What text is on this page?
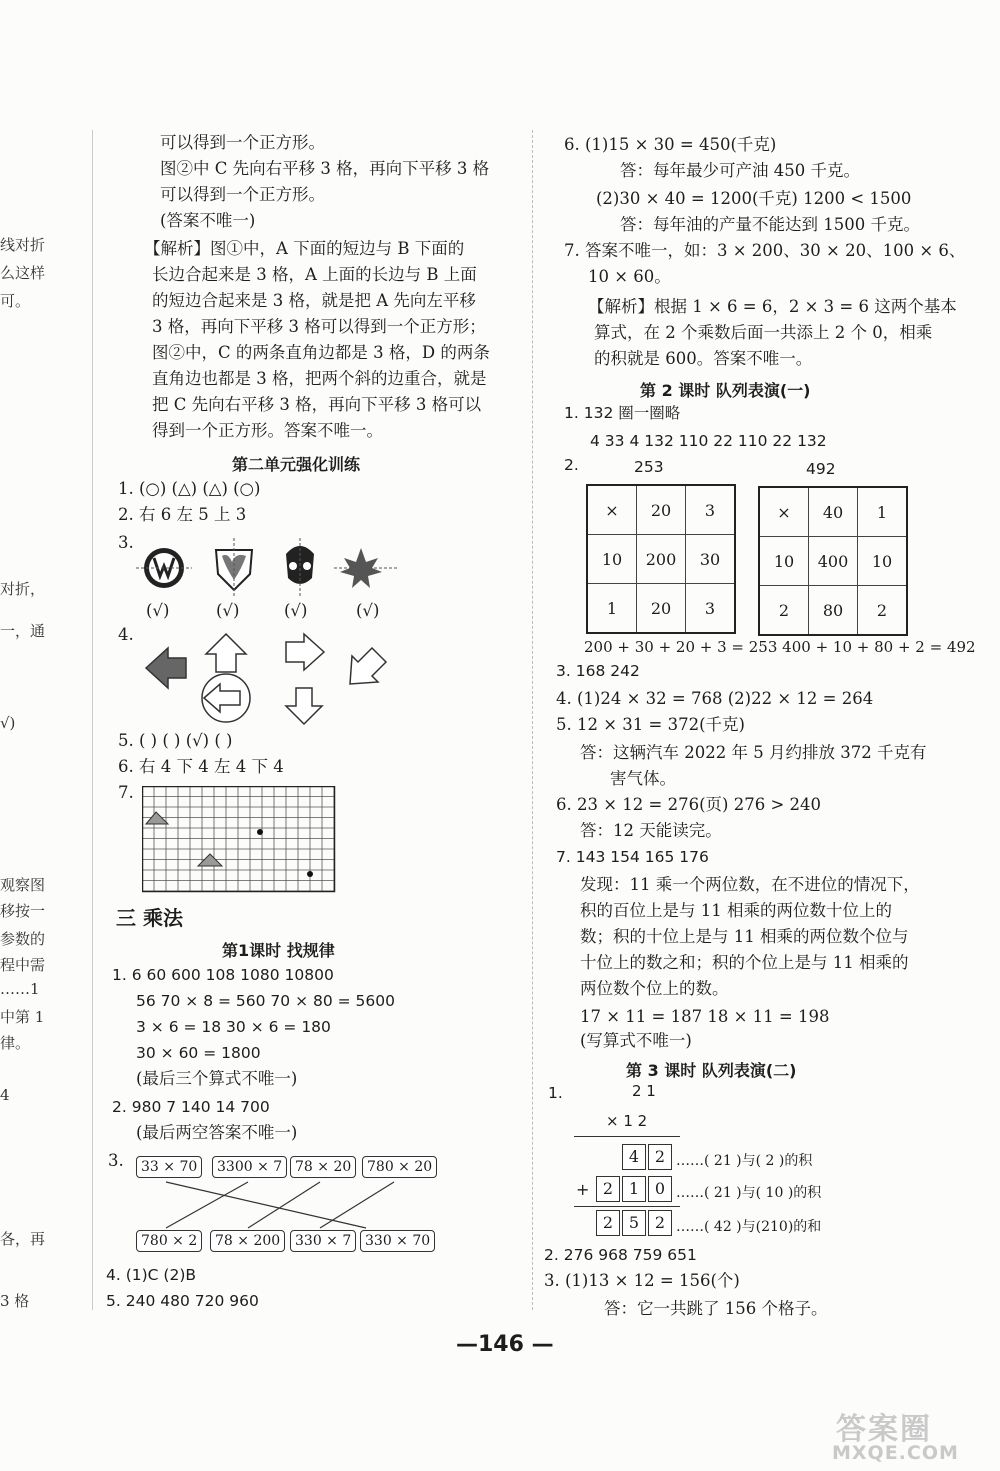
线对折
么这样
可。
对折，
一，通
√)
观察图
移按一
参数的
程中需
……1
中第 1
律。
4
各，再
3 格
可以得到一个正方形。
图②中 C 先向右平移 3 格，再向下平移 3 格
可以得到一个正方形。
(答案不唯一)
【解析】图①中，A 下面的短边与 B 下面的
长边合起来是 3 格，A 上面的长边与 B 上面
的短边合起来是 3 格，就是把 A 先向左平移
3 格，再向下平移 3 格可以得到一个正方形；
图②中，C 的两条直角边都是 3 格，D 的两条
直角边也都是 3 格，把两个斜的边重合，就是
把 C 先向右平移 3 格，再向下平移 3 格可以
得到一个正方形。答案不唯一。
第二单元强化训练
1. (○) (△) (△) (○)
2. 右 6 左 5 上 3
3.
(√)	(√)	(√)	(√)
4.
5. ( ) ( ) (√) ( )
6. 右 4 下 4 左 4 下 4
7.
三 乘法
第1课时 找规律
1. 6 60 600 108 1080 10800
56 70 × 8 = 560 70 × 80 = 5600
3 × 6 = 18 30 × 6 = 180
30 × 60 = 1800
(最后三个算式不唯一)
2. 980 7 140 14 700
(最后两空答案不唯一)
3.	33 × 70	3300 × 7 78 × 20	780 × 20
780 × 2	78 × 200	330 × 7 330 × 70
4. (1)C (2)B
5. 240 480 720 960
6. (1)15 × 30 = 450(千克)
答：每年最少可产油 450 千克。
(2)30 × 40 = 1200(千克) 1200 < 1500
答：每年油的产量不能达到 1500 千克。
7. 答案不唯一，如：3 × 200、30 × 20、100 × 6、
10 × 60。
【解析】根据 1 × 6 = 6，2 × 3 = 6 这两个基本
算式，在 2 个乘数后面一共添上 2 个 0，相乘
的积就是 600。答案不唯一。
第 2 课时 队列表演(一)
1. 132 圈一圈略
4 33 4 132 110 22 110 22 132
2.	253	492
×	20	3
10	200	30
1	20	3
×	40	1
10	400	10
2	80	2
200 + 30 + 20 + 3 = 253 400 + 10 + 80 + 2 = 492
3. 168 242
4. (1)24 × 32 = 768 (2)22 × 12 = 264
5. 12 × 31 = 372(千克)
答：这辆汽车 2022 年 5 月约排放 372 千克有
害气体。
6. 23 × 12 = 276(页) 276 > 240
答：12 天能读完。
7. 143 154 165 176
发现：11 乘一个两位数，在不进位的情况下，
积的百位上是与 11 相乘的两位数十位上的
数；积的十位上是与 11 相乘的两位数个位与
十位上的数之和；积的个位上是与 11 相乘的
两位数个位上的数。
17 × 11 = 187 18 × 11 = 198
(写算式不唯一)
第 3 课时 队列表演(二)
1.	2 1
× 1 2
4 2 ……( 21 )与( 2 )的积
+ 2 1 0 ……( 21 )与( 10 )的积
2 5 2 ……( 42 )与(210)的和
2. 276 968 759 651
3. (1)13 × 12 = 156(个)
答：它一共跳了 156 个格子。
—146 —
答案圈
MXQE.COM
